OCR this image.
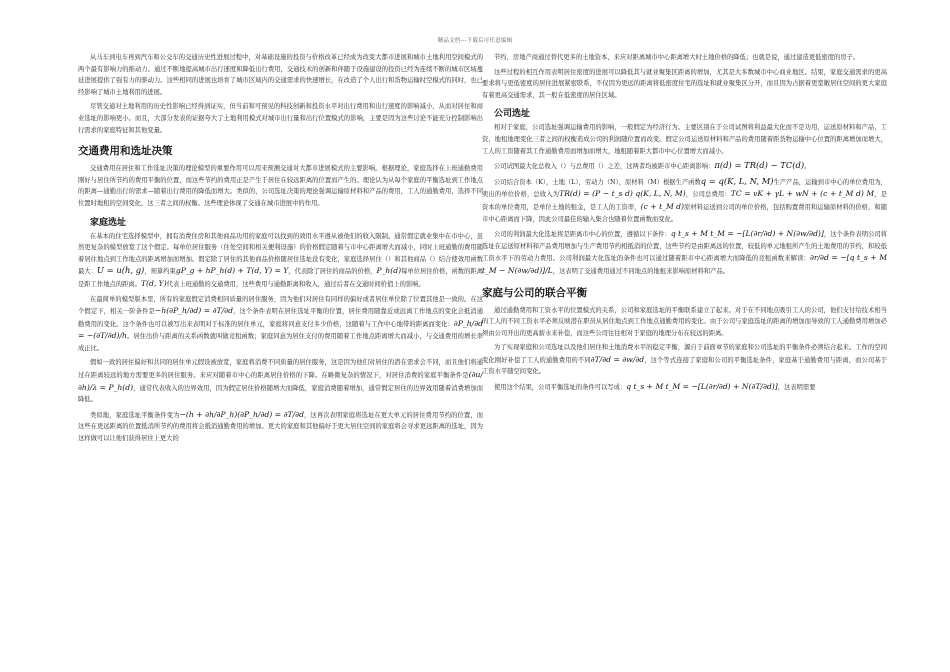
精品文档---下载后可任意编辑

从马车到电车再到汽车和公交车的交通历史性进展过程中，对基础设施的投资与价格改革已经成为改变大都市进展和城市土地利用空间模式的两个最有影响力的推动力。通过不断地提高城市出行速度和降低出行费用，交通技术的创新和伴随于设施建设的投资已经为连续不断的城市区域蔓延进展提供了强有力的驱动力。这些相同的进展也培育了城市区域内的交通需求的快速增长，在改造了个人出行和货物运输时空模式的同时，也已经影响了城市土地利用的进展。

尽管交通对土地利用的历史性影响已经得到证实，但当前和可预见的科技创新和投资水平对出行费用和出行速度的影响减小，从而对居住和商业选址的影响更小。而且，大部分发表的证据夸大了土地利用模式对城市出行量和出行位置模式的影响，主要是因为这些讨论不能充分控制影响出行需求的家庭特征和其他变量。

交通费用和选址决策

交通费用在居住和工作选址决策的理论模型的重要作用可以用来预测交通对大都市进展模式的主要影响。根据理论，家庭选择在上班通勤费用刚好与居住所节约的费用平衡的位置，而这些节约的费用正是产生于居住在较远距离的位置而产生的。理论认为从每个家庭的平衡选址到工作地点的距离—通勤出行的需求—随着出行费用的降低而增大。类似的，公司选址决策的理论强调运输原材料和产品的费用，工人的通勤费用，选择不同位置时地租的空间变化，这三者之间的权衡。这些理论体现了交通在城市进展中的作用。

家庭选址

在基本的住宅选择模型中，拥有消费住房和其他商品功用的家庭可以找到的效用水平遵从被他们的收入限制。通常假定就业集中在市中心，虽然更复杂的模型放宽了这个假定。每单位居住服务（住处空间和相关便利设施）的价格假定随着与市中心距离增大而减小，同时上班通勤的费用随着居住地点到工作地点的距离增加而增加。假定除了居住的其他商品价格随居住选址没有变化，家庭选择居住（）和其他商品（）结合使效用函数最大：U = u(h, g)，预算约束gP_g + hP_h(d) + T(d, Y) = Y，代表除了居住的商品的价格，P_h(d)每单位居住价格，函数的距离是距工作地点的距离。T(d, Y)代表上班通勤的交通费用，这些费用与通勤距离和收入，通过后者在交通时间价值上的影响。

在最简单的模型版本里，所有的家庭假定消费相同质量的居住服务，因为他们对居住有同样的偏好或者居住单位除了位置其他是一致的。在这个假定下，相关一阶条件是−h(∂P_h/∂d) = ∂T/∂d，这个条件表明在居住选址平衡的位置，居住费用随靠近或远离工作地点的变化会抵消通勤费用的变化。这个条件也可以被写出来表明对于标准的居住单元，家庭将同意支付多少价格，这随着与工作中心地带的距离而变化：∂P_h/∂d = −(∂T/∂d)/h。居住出价与距离的关系函数就叫做竞租函数；家庭同意为居住支付的费用随着工作地点距离增大而减小，与交通费用的增长率成正比。

假如一致的居住偏好和共同的居住单元假设被放宽，家庭将消费不同质量的居住服务，这是因为他们对居住的潜在需求会不同，而且他们将通过在距离较远的地方需要更多的居住服务。来应对随着市中心的距离居住价格的下降。在略微复杂的情况下，对居住消费的家庭平衡条件是(∂u/∂h)/λ = P_h(d)，通常代表收入的边界效用，因为假定居住价格随增大而降低，家庭消费随着增加，通常假定居住的边界效用随着消费增加而降低。

类似地，家庭选址平衡条件变为−(h + ∂h/∂P_h)(∂P_h/∂d) = ∂T/∂d，这再次表明家庭将选址在更大单元的居住费用节约的位置，而这些在更远距离的位置抵消所节约的费用将会抵消通勤费用的增加。更大的家庭和其他偏好于更大居住空间的家庭将会寻求更远距离的选址，因为这样做可以让他们获得居住上更大的

节约，房地产商通过替代更多的土地资本，来应对距离城市中心距离增大时土地价格的降低；也就是说，通过建造更低密度的房子。

这些过程的相互作用表明居住密度的进展可以降低其与就业聚集区距离的增加，尤其是大多数城市中心商业地区。结果，家庭交通需求的更高要求将与更低密度的居住进展紧密联系，不仅因为更远的距离将低密度住宅的选址和就业聚集区分开，而且因为占据着更宽敞居住空间的更大家庭有着更高交通需求，其一般在低密度的居住区域。

公司选址

相对于家庭，公司选址强调运输费用的影响，一般假定为经济行为。主要区别在于公司试图将利益最大化而不是功用，运送原材料和产品，工资，地租地理变化三者之间的权衡造成公司的利润随位置而改变。假定公司运送原材料和产品的费用随着距货物运输中心位置的距离增加而增大，工人的工资随着其工作通勤费用而增加而增大，地租随着距大都市中心位置增大而减小。

公司试图最大化总收入（）与总费用（）之差，这两者均被距市中心距离影响：π(d) = TR(d) − TC(d)。

公司结合资本（K），土地（L），劳动力（N），原材料（M）根据生产函数q = q(K, L, N, M)生产产品，运输到市中心的单位费用为，卖出的单位价格，总收入为TR(d) = (P − t_s d) q(K, L, N, M)，公司总费用：TC = vK + γL + wN + (c + t_M d) M，是资本的单位费用，是单位土地的租金，是工人的工资率，(c + t_M d)原材料运送到公司的单位价格，包括购置费用和运输原材料的价格，和随市中心距离而下降，因此公司最佳的输入集合也随着位置函数而变化。

公司的利润最大化选址将是距离市中心的位置，遵循以下条件：q t_s + M t_M = −[L(∂r/∂d) + N(∂w/∂d)]，这个条件表明公司将选址在运送原材料和产品费用增加与生产费用节约相抵消的位置，这些节约是由距离远的位置，较低的单元地租所产生的土地费用的节约，和较低工资水平下的劳动力费用。公司利润最大化选址的条件也可以通过随着距市中心距离增大而降低的竞租函数来解读：∂r/∂d = −[q t_s + M t_M − N(∂w/∂d)]/L，这表明了交通费用通过不同地点的地租来影响原材料和产品。

家庭与公司的联合平衡

通过通勤费用和工资水平的位置模式的关系，公司和家庭选址的平衡联系建立了起来。对于在不同地点吸引工人的公司，他们支付给技术相当的工人的不同工资水平必须反映潜在职员从居住地点到工作地点通勤费用的变化。由于公司与家庭选址的距离的增加而导致的工人通勤费用增加必须由公司开出的更高薪水来补偿，而这些公司往往相对于家庭的地理分布在较远的距离。

为了实现家庭和公司选址以及他们居住和土地消费水平的稳定平衡，源自于前面章节的家庭和公司选址的平衡条件必须结合起来。工作的空间变化刚好补偿了工人的通勤费用的不同∂T/∂d = ∂w/∂d，这个等式连接了家庭和公司的平衡选址条件，家庭基于通勤费用与距离，而公司基于工资水平随空间变化。

使用这个结果，公司平衡选址的条件可以写成：q t_s + M t_M = −[L(∂r/∂d) + N(∂T/∂d)]，这表明需要
